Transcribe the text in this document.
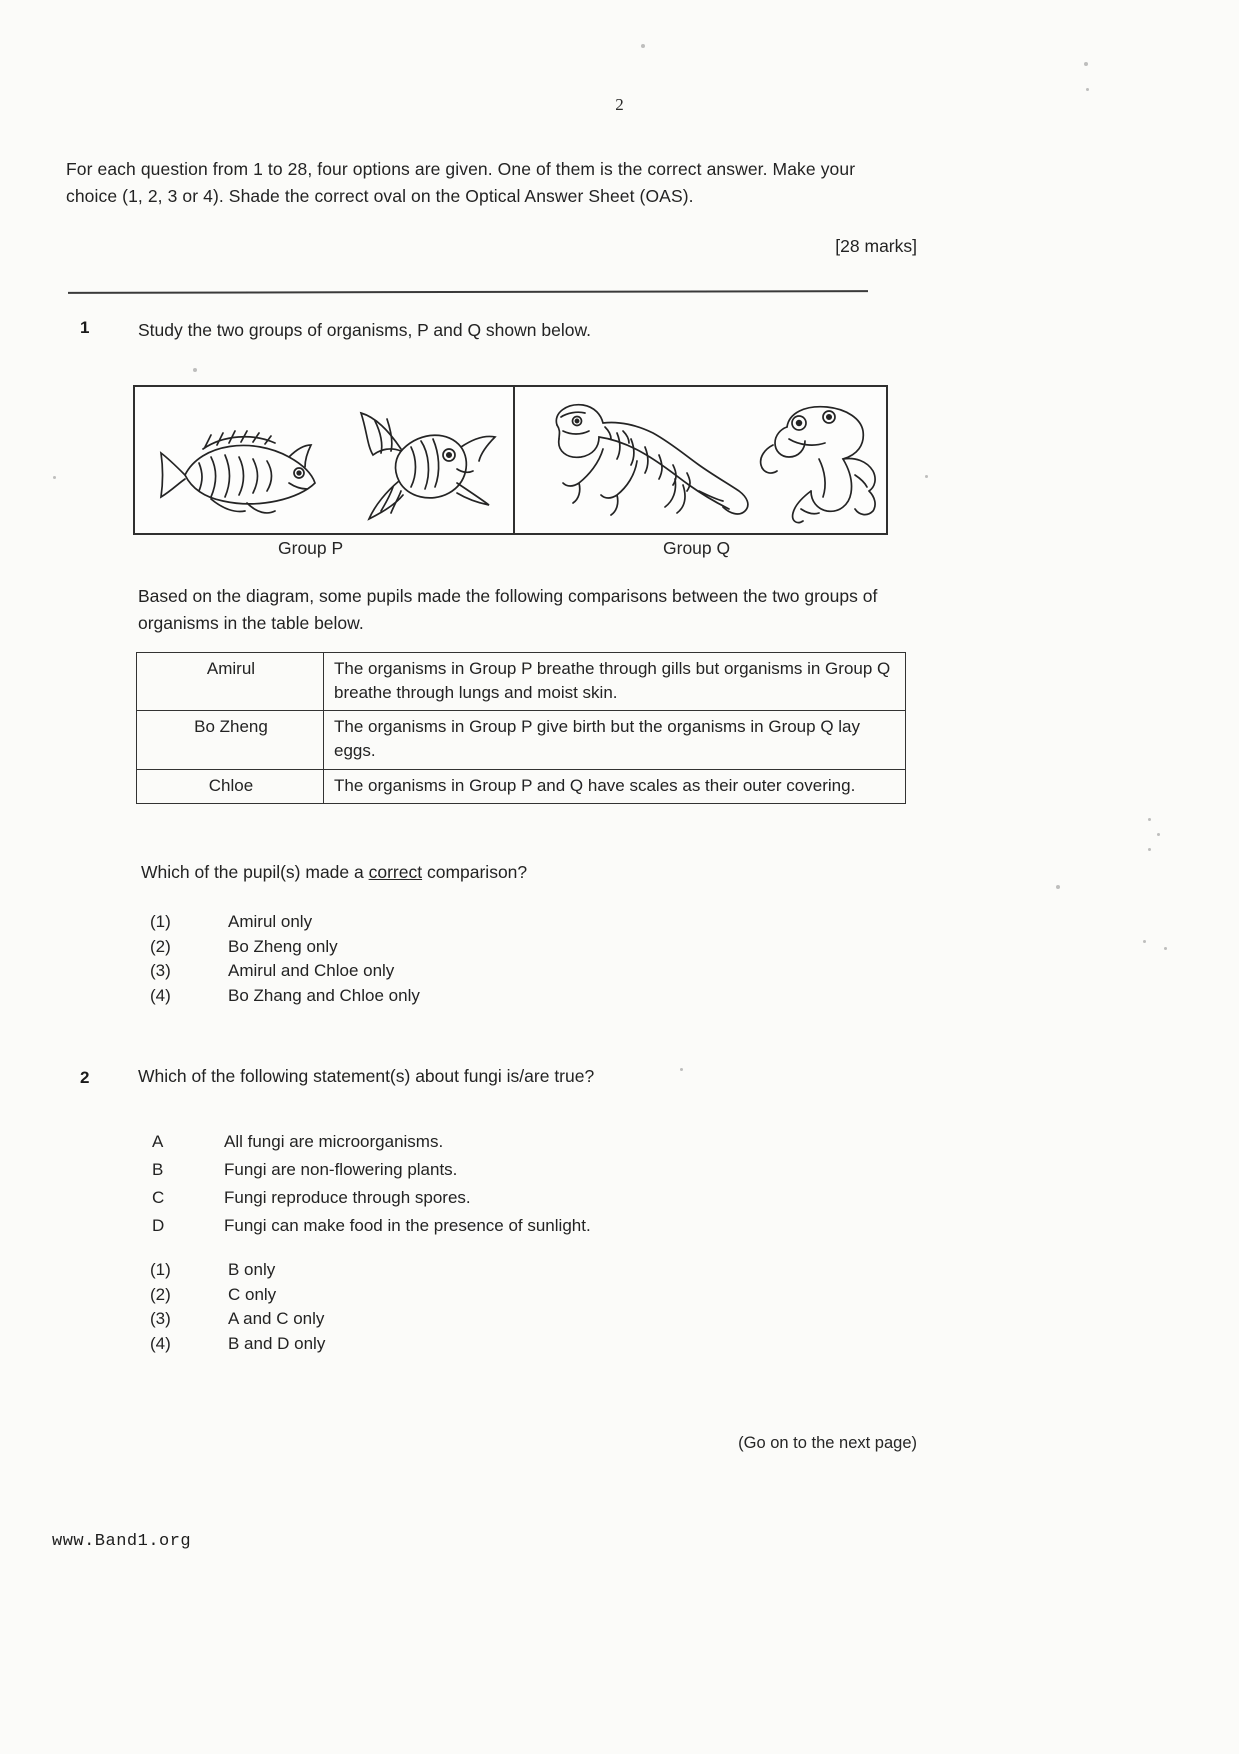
2
For each question from 1 to 28, four options are given. One of them is the correct answer. Make your choice (1, 2, 3 or 4). Shade the correct oval on the Optical Answer Sheet (OAS).
[28 marks]
1	Study the two groups of organisms, P and Q shown below.
Group P	Group Q
Based on the diagram, some pupils made the following comparisons between the two groups of organisms in the table below.
Amirul	The organisms in Group P breathe through gills but organisms in Group Q breathe through lungs and moist skin.
Bo Zheng	The organisms in Group P give birth but the organisms in Group Q lay eggs.
Chloe	The organisms in Group P and Q have scales as their outer covering.
Which of the pupil(s) made a correct comparison?
(1)	Amirul only
(2)	Bo Zheng only
(3)	Amirul and Chloe only
(4)	Bo Zhang and Chloe only
2	Which of the following statement(s) about fungi is/are true?
A	All fungi are microorganisms.
B	Fungi are non-flowering plants.
C	Fungi reproduce through spores.
D	Fungi can make food in the presence of sunlight.
(1)	B only
(2)	C only
(3)	A and C only
(4)	B and D only
(Go on to the next page)
www.Band1.org
